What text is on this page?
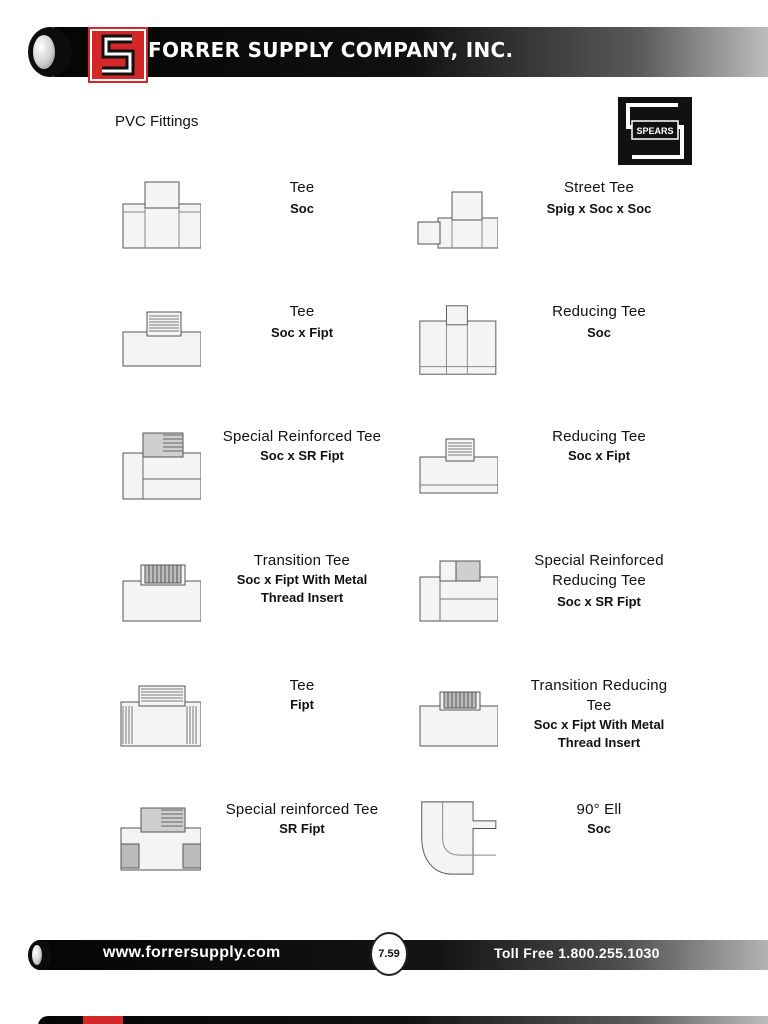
FORRER SUPPLY COMPANY, INC.
PVC Fittings
SPEARS
Tee
Soc
Street Tee
Spig x Soc x Soc
Tee
Soc x Fipt
Reducing Tee
Soc
Special Reinforced Tee
Soc x SR Fipt
Reducing Tee
Soc x Fipt
Transition Tee
Soc x Fipt With Metal
Thread Insert
Special Reinforced
Reducing Tee
Soc x SR Fipt
Tee
Fipt
Transition Reducing
Tee
Soc x Fipt With Metal
Thread Insert
Special reinforced Tee
SR Fipt
90° Ell
Soc
www.forrersupply.com	7.59	Toll Free 1.800.255.1030
